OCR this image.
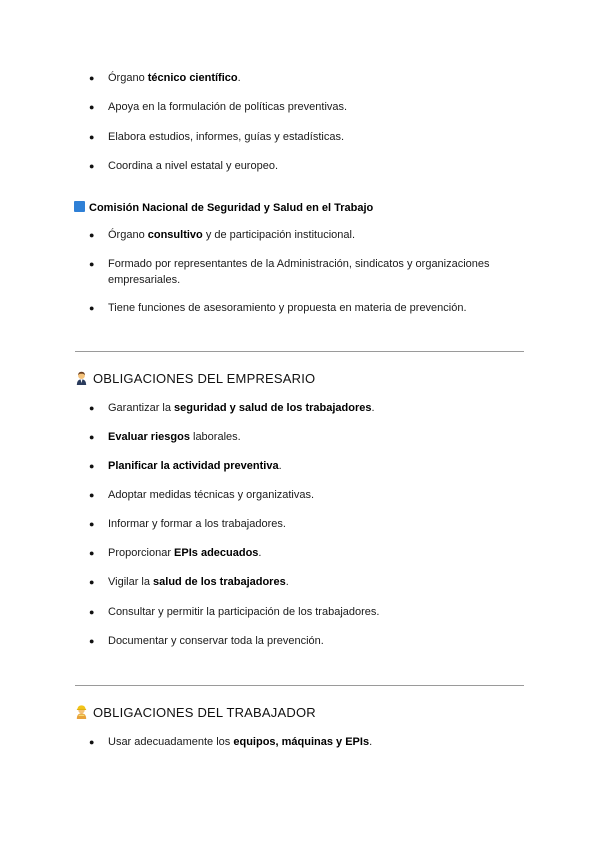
● Órgano técnico científico.
● Apoya en la formulación de políticas preventivas.
● Elabora estudios, informes, guías y estadísticas.
● Coordina a nivel estatal y europeo.
Comisión Nacional de Seguridad y Salud en el Trabajo
● Órgano consultivo y de participación institucional.
● Formado por representantes de la Administración, sindicatos y organizaciones empresariales.
● Tiene funciones de asesoramiento y propuesta en materia de prevención.
OBLIGACIONES DEL EMPRESARIO
● Garantizar la seguridad y salud de los trabajadores.
● Evaluar riesgos laborales.
● Planificar la actividad preventiva.
● Adoptar medidas técnicas y organizativas.
● Informar y formar a los trabajadores.
● Proporcionar EPIs adecuados.
● Vigilar la salud de los trabajadores.
● Consultar y permitir la participación de los trabajadores.
● Documentar y conservar toda la prevención.
OBLIGACIONES DEL TRABAJADOR
● Usar adecuadamente los equipos, máquinas y EPIs.
